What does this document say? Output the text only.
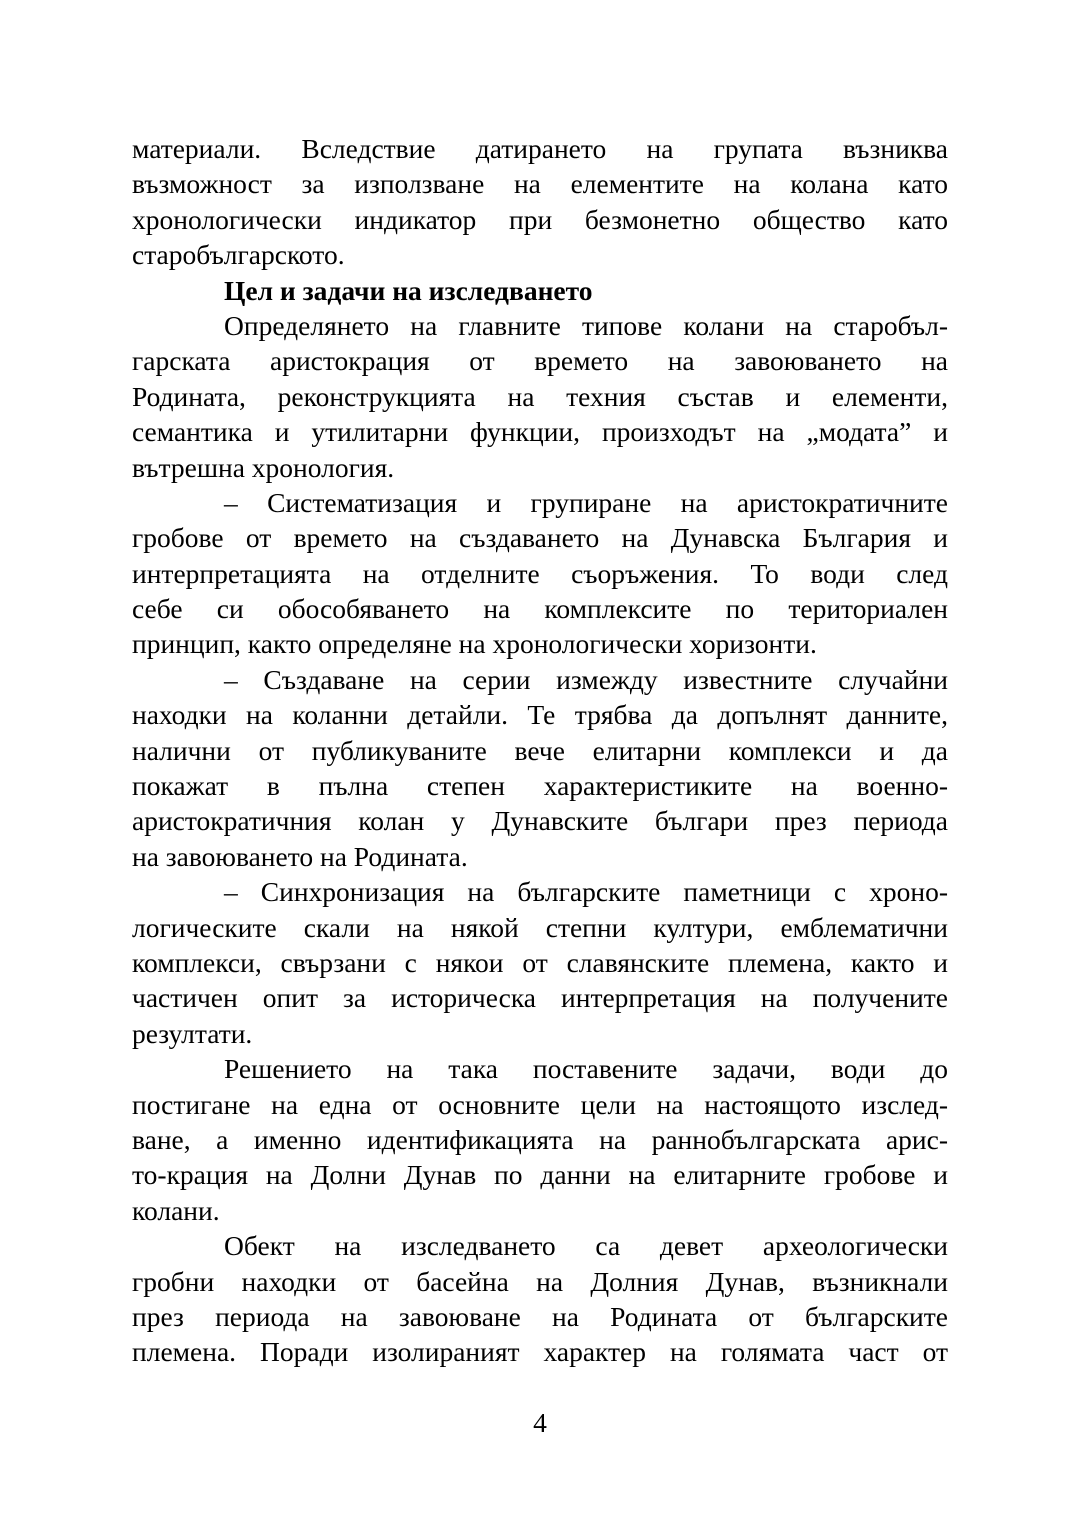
материали. Вследствие датирането на групата възниква
възможност за използване на елементите на колана като
хронологически индикатор при безмонетно общество като
старобългарското.
Цел и задачи на изследването
Определянето на главните типове колани на старобъл-
гарската аристокрация от времето на завоюването на
Родината, реконструкцията на техния състав и елементи,
семантика и утилитарни функции, произходът на „модата” и
вътрешна хронология.
– Систематизация и групиране на аристократичните
гробове от времето на създаването на Дунавска България и
интерпретацията на отделните съоръжения. То води след
себе си обособяването на комплексите по териториален
принцип, както определяне на хронологически хоризонти.
– Създаване на серии измежду известните случайни
находки на коланни детайли. Те трябва да допълнят данните,
налични от публикуваните вече елитарни комплекси и да
покажат в пълна степен характеристиките на военно-
аристократичния колан у Дунавските българи през периода
на завоюването на Родината.
– Синхронизация на българските паметници с хроно-
логическите скали на някой степни култури, емблематични
комплекси, свързани с някои от славянските племена, както и
частичен опит за историческа интерпретация на получените
резултати.
Решението на така поставените задачи, води до
постигане на една от основните цели на настоящото изслед-
ване, а именно идентификацията на раннобългарската арис-
то-крация на Долни Дунав по данни на елитарните гробове и
колани.
Обект на изследването са девет археологически
гробни находки от басейна на Долния Дунав, възникнали
през периода на завоюване на Родината от българските
племена. Поради изолираният характер на голямата част от
4
